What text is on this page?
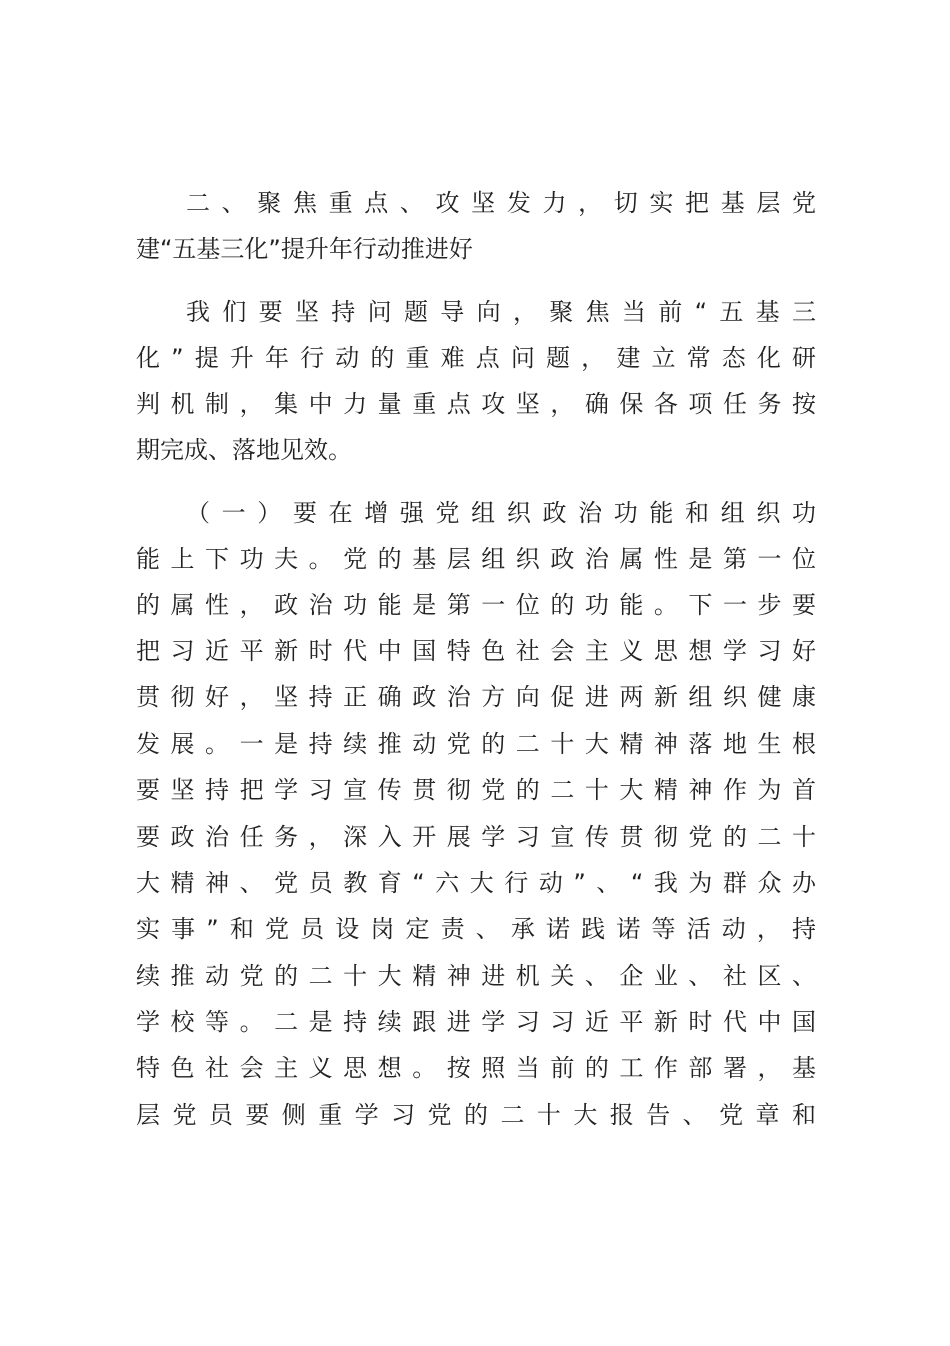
二、聚焦重点、攻坚发力，切实把基层党
建“五基三化”提升年行动推进好
我们要坚持问题导向，聚焦当前“五基三
化”提升年行动的重难点问题，建立常态化研
判机制，集中力量重点攻坚，确保各项任务按
期完成、落地见效。
（一）要在增强党组织政治功能和组织功
能上下功夫。党的基层组织政治属性是第一位
的属性，政治功能是第一位的功能。下一步要
把习近平新时代中国特色社会主义思想学习好
贯彻好，坚持正确政治方向促进两新组织健康
发展。一是持续推动党的二十大精神落地生根
要坚持把学习宣传贯彻党的二十大精神作为首
要政治任务，深入开展学习宣传贯彻党的二十
大精神、党员教育“六大行动”、“我为群众办
实事”和党员设岗定责、承诺践诺等活动，持
续推动党的二十大精神进机关、企业、社区、
学校等。二是持续跟进学习习近平新时代中国
特色社会主义思想。按照当前的工作部署，基
层党员要侧重学习党的二十大报告、党章和
